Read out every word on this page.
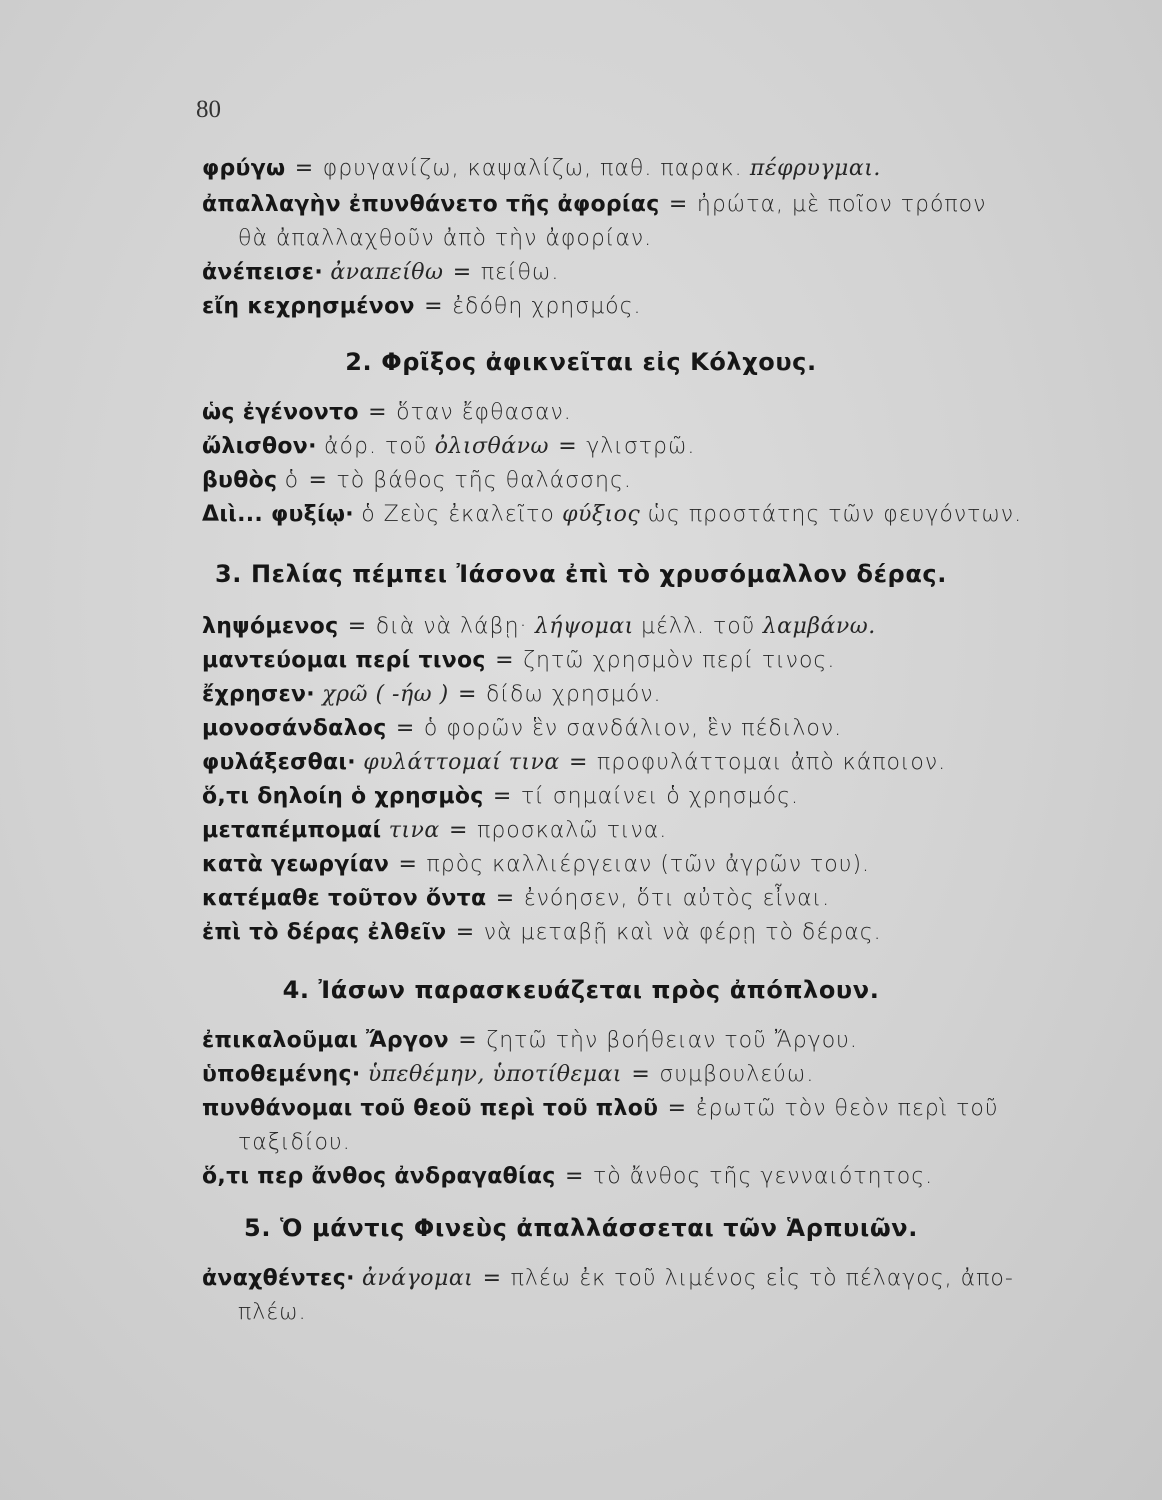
80
φρύγω = φρυγανίζω, καψαλίζω, παθ. παρακ. πέφρυγμαι.
ἀπαλλαγὴν ἐπυνθάνετο τῆς ἀφορίας = ἠρώτα, μὲ ποῖον τρόπον
θὰ ἀπαλλαχθοῦν ἀπὸ τὴν ἀφορίαν.
ἀνέπεισε· ἀναπείθω = πείθω.
εἴη κεχρησμένον = ἐδόθη χρησμός.
2. Φρῖξος ἀφικνεῖται εἰς Κόλχους.
ὡς ἐγένοντο = ὅταν ἔφθασαν.
ὤλισθον· ἀόρ. τοῦ ὀλισθάνω = γλιστρῶ.
βυθὸς ὁ = τὸ βάθος τῆς θαλάσσης.
Διὶ... φυξίῳ· ὁ Ζεὺς ἐκαλεῖτο φύξιος ὡς προστάτης τῶν φευγόντων.
3. Πελίας πέμπει Ἰάσονα ἐπὶ τὸ χρυσόμαλλον δέρας.
ληψόμενος = διὰ νὰ λάβῃ· λήψομαι μέλλ. τοῦ λαμβάνω.
μαντεύομαι περί τινος = ζητῶ χρησμὸν περί τινος.
ἔχρησεν· χρῶ ( -ήω ) = δίδω χρησμόν.
μονοσάνδαλος = ὁ φορῶν ἓν σανδάλιον, ἓν πέδιλον.
φυλάξεσθαι· φυλάττομαί τινα = προφυλάττομαι ἀπὸ κάποιον.
ὅ,τι δηλοίη ὁ χρησμὸς = τί σημαίνει ὁ χρησμός.
μεταπέμπομαί τινα = προσκαλῶ τινα.
κατὰ γεωργίαν = πρὸς καλλιέργειαν (τῶν ἀγρῶν του).
κατέμαθε τοῦτον ὄντα = ἐνόησεν, ὅτι αὐτὸς εἶναι.
ἐπὶ τὸ δέρας ἐλθεῖν = νὰ μεταβῇ καὶ νὰ φέρῃ τὸ δέρας.
4. Ἰάσων παρασκευάζεται πρὸς ἀπόπλουν.
ἐπικαλοῦμαι Ἄργον = ζητῶ τὴν βοήθειαν τοῦ Ἄργου.
ὑποθεμένης· ὑπεθέμην, ὑποτίθεμαι = συμβουλεύω.
πυνθάνομαι τοῦ θεοῦ περὶ τοῦ πλοῦ = ἐρωτῶ τὸν θεὸν περὶ τοῦ
ταξιδίου.
ὅ,τι περ ἄνθος ἀνδραγαθίας = τὸ ἄνθος τῆς γενναιότητος.
5. Ὁ μάντις Φινεὺς ἀπαλλάσσεται τῶν Ἁρπυιῶν.
ἀναχθέντες· ἀνάγομαι = πλέω ἐκ τοῦ λιμένος εἰς τὸ πέλαγος, ἀπο-
πλέω.
